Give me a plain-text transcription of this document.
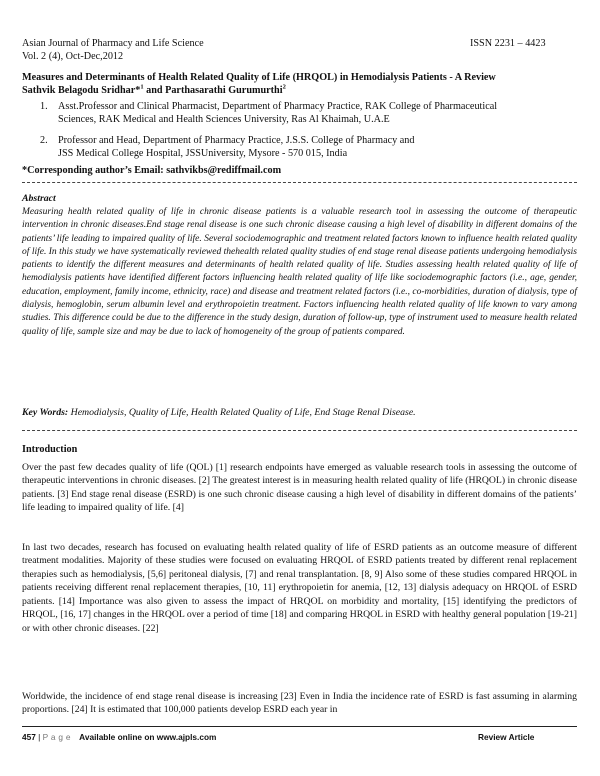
Asian Journal of Pharmacy and Life Science	ISSN 2231 – 4423
Vol. 2 (4), Oct-Dec,2012
Measures and Determinants of Health Related Quality of Life (HRQOL) in Hemodialysis Patients - A Review
Sathvik Belagodu Sridhar*$^1$ and Parthasarathi Gurumurthi$^2$
1. Asst.Professor and Clinical Pharmacist, Department of Pharmacy Practice, RAK College of Pharmaceutical
Sciences, RAK Medical and Health Sciences University, Ras Al Khaimah, U.A.E
2. Professor and Head, Department of Pharmacy Practice, J.S.S. College of Pharmacy and
JSS Medical College Hospital, JSSUniversity, Mysore - 570 015, India
*Corresponding author’s Email: sathvikbs@rediffmail.com
Abstract
Measuring health related quality of life in chronic disease patients is a valuable research tool in assessing the outcome of therapeutic intervention in chronic diseases.End stage renal disease is one such chronic disease causing a high level of disability in different domains of the patients’ life leading to impaired quality of life. Several sociodemographic and treatment related factors known to influence health related quality of life. In this study we have systematically reviewed thehealth related quality studies of end stage renal disease patients undergoing hemodialysis patients to identify the different measures and determinants of health related quality of life. Studies assessing health related quality of life of hemodialysis patients have identified different factors influencing health related quality of life like sociodemographic factors (i.e., age, gender, education, employment, family income, ethnicity, race) and disease and treatment related factors (i.e., co-morbidities, duration of dialysis, type of dialysis, hemoglobin, serum albumin level and erythropoietin treatment. Factors influencing health related quality of life known to vary among studies. This difference could be due to the difference in the study design, duration of follow-up, type of instrument used to measure health related quality of life, sample size and may be due to lack of homogeneity of the group of patients compared.
Key Words: Hemodialysis, Quality of Life, Health Related Quality of Life, End Stage Renal Disease.
Introduction
Over the past few decades quality of life (QOL) [1] research endpoints have emerged as valuable research tools in assessing the outcome of therapeutic interventions in chronic diseases. [2] The greatest interest is in measuring health related quality of life (HRQOL) in chronic disease patients. [3] End stage renal disease (ESRD) is one such chronic disease causing a high level of disability in different domains of the patients’ life leading to impaired quality of life. [4]
In last two decades, research has focused on evaluating health related quality of life of ESRD patients as an outcome measure of different treatment modalities. Majority of these studies were focused on evaluating HRQOL of ESRD patients treated by different renal replacement therapies such as hemodialysis, [5,6] peritoneal dialysis, [7] and renal transplantation. [8, 9] Also some of these studies compared HRQOL in patients receiving different renal replacement therapies, [10, 11] erythropoietin for anemia, [12, 13] dialysis adequacy on HRQOL of ESRD patients. [14] Importance was also given to assess the impact of HRQOL on morbidity and mortality, [15] identifying the predictors of HRQOL, [16, 17] changes in the HRQOL over a period of time [18] and comparing HRQOL in ESRD with healthy general population [19-21] or with other chronic diseases. [22]
Worldwide, the incidence of end stage renal disease is increasing [23] Even in India the incidence rate of ESRD is fast assuming in alarming proportions. [24] It is estimated that 100,000 patients develop ESRD each year in
457 | P a g e Available online on www.ajpls.com	Review Article
